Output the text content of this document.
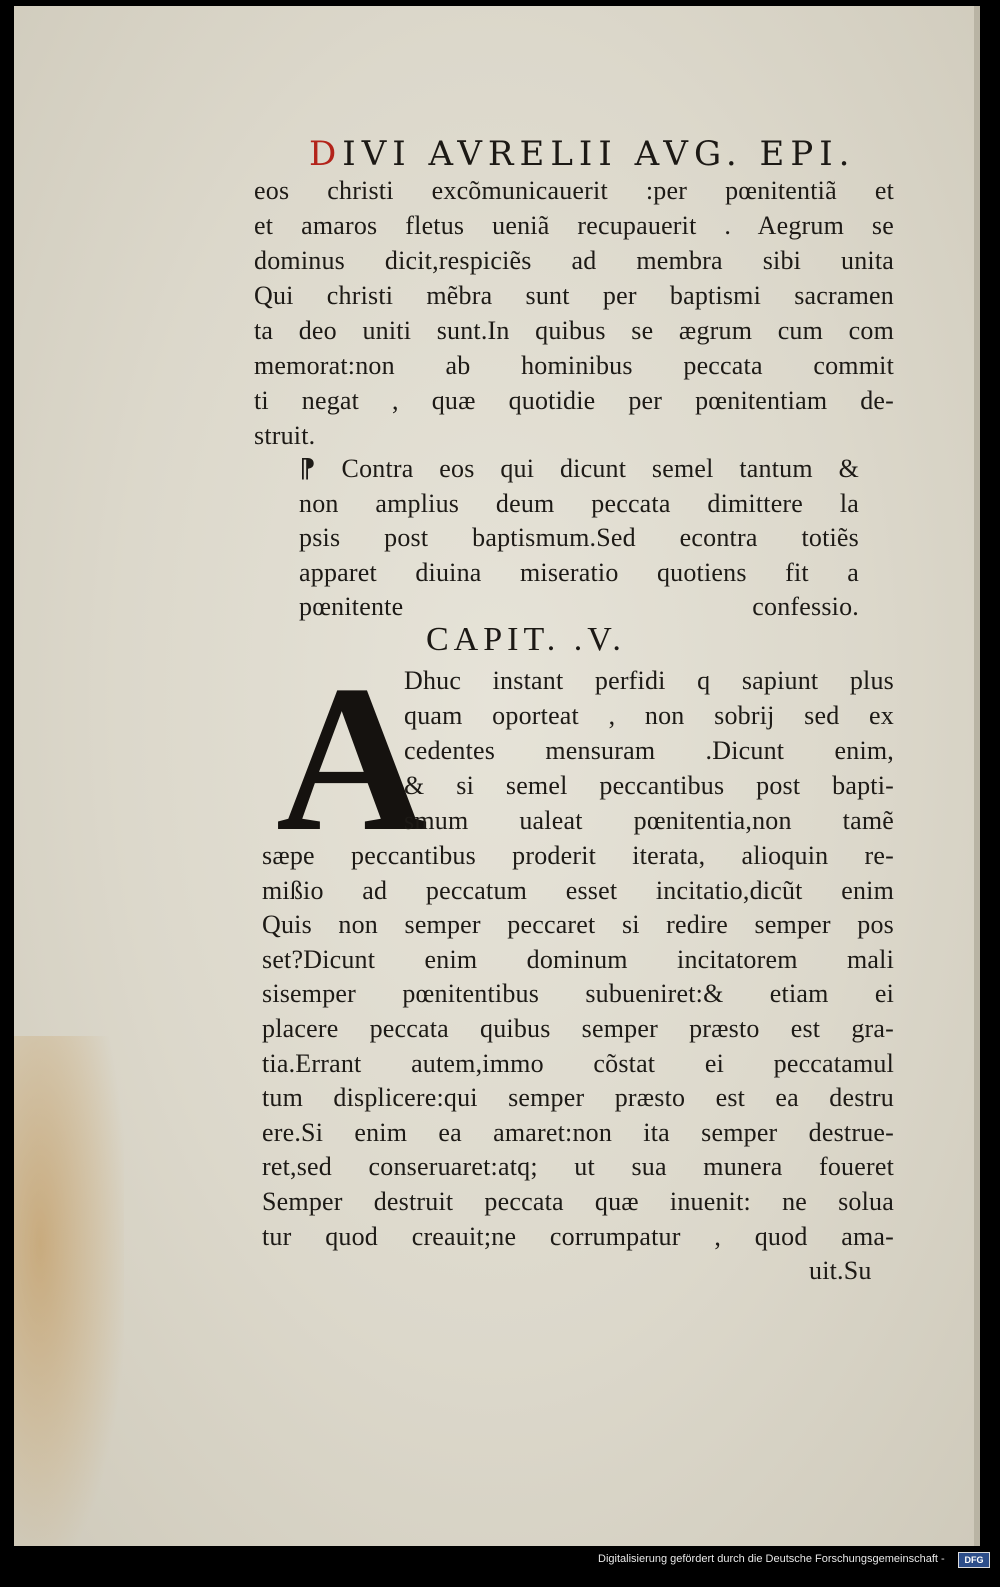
DIVI AVRELII AVG. EPI.
eos christi excõmunicauerit :per pœnitentiã et
et amaros fletus ueniã recupauerit . Aegrum se
dominus dicit,respiciẽs ad membra sibi unita
Qui christi mẽbra sunt per baptismi sacramen
ta deo uniti sunt.In quibus se ægrum cum com
memorat:non ab hominibus peccata commit
ti negat , quæ quotidie per pœnitentiam de-
struit.
⁋ Contra eos qui dicunt semel tantum &
non amplius deum peccata dimittere la
psis post baptismum.Sed econtra totiẽs
apparet diuina miseratio quotiens fit a
pœnitente confessio.
CAPIT. .V.
A
Dhuc instant perfidi q sapiunt plus
quam oporteat , non sobrij sed ex
cedentes mensuram .Dicunt enim,
& si semel peccantibus post bapti-
smum ualeat pœnitentia,non tamẽ
sæpe peccantibus proderit iterata, alioquin re-
mißio ad peccatum esset incitatio,dicũt enim
Quis non semper peccaret si redire semper pos
set?Dicunt enim dominum incitatorem mali
sisemper pœnitentibus subueniret:& etiam ei
placere peccata quibus semper præsto est gra-
tia.Errant autem,immo cõstat ei peccatamul
tum displicere:qui semper præsto est ea destru
ere.Si enim ea amaret:non ita semper destrue-
ret,sed conseruaret:atq; ut sua munera foueret
Semper destruit peccata quæ inuenit: ne solua
tur quod creauit;ne corrumpatur , quod ama-
uit.Su
Digitalisierung gefördert durch die Deutsche Forschungsgemeinschaft -	DFG
